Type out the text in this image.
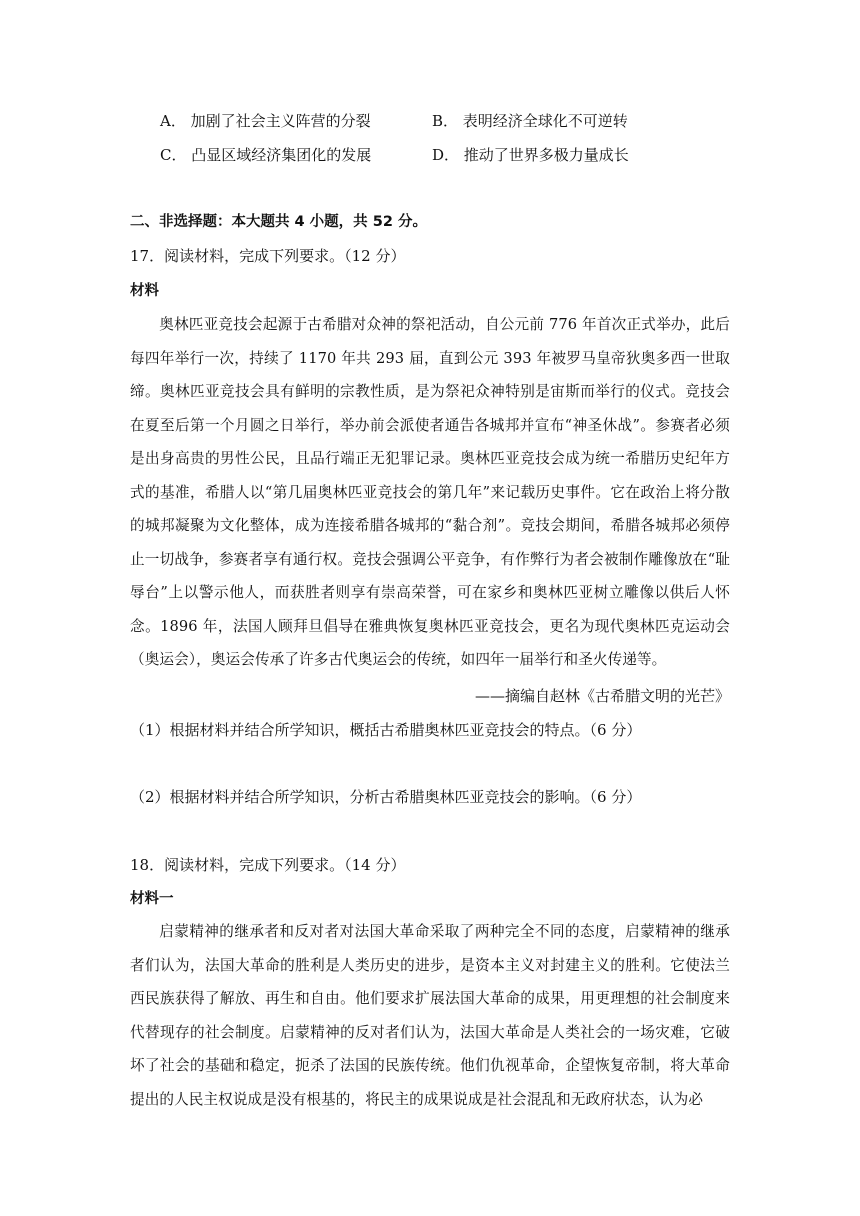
A． 加剧了社会主义阵营的分裂	B． 表明经济全球化不可逆转
C． 凸显区域经济集团化的发展	D． 推动了世界多极力量成长
二、非选择题：本大题共 4 小题，共 52 分。
17．阅读材料，完成下列要求。（12 分）
材料
奥林匹亚竞技会起源于古希腊对众神的祭祀活动，自公元前 776 年首次正式举办，此后每四年举行一次，持续了 1170 年共 293 届，直到公元 393 年被罗马皇帝狄奥多西一世取缔。奥林匹亚竞技会具有鲜明的宗教性质，是为祭祀众神特别是宙斯而举行的仪式。竞技会在夏至后第一个月圆之日举行，举办前会派使者通告各城邦并宣布“神圣休战”。参赛者必须是出身高贵的男性公民，且品行端正无犯罪记录。奥林匹亚竞技会成为统一希腊历史纪年方式的基准，希腊人以“第几届奥林匹亚竞技会的第几年”来记载历史事件。它在政治上将分散的城邦凝聚为文化整体，成为连接希腊各城邦的“黏合剂”。竞技会期间，希腊各城邦必须停止一切战争，参赛者享有通行权。竞技会强调公平竞争，有作弊行为者会被制作雕像放在“耻辱台”上以警示他人，而获胜者则享有崇高荣誉，可在家乡和奥林匹亚树立雕像以供后人怀念。1896 年，法国人顾拜旦倡导在雅典恢复奥林匹亚竞技会，更名为现代奥林匹克运动会（奥运会），奥运会传承了许多古代奥运会的传统，如四年一届举行和圣火传递等。
——摘编自赵林《古希腊文明的光芒》
（1）根据材料并结合所学知识，概括古希腊奥林匹亚竞技会的特点。（6 分）
（2）根据材料并结合所学知识，分析古希腊奥林匹亚竞技会的影响。（6 分）
18．阅读材料，完成下列要求。（14 分）
材料一
启蒙精神的继承者和反对者对法国大革命采取了两种完全不同的态度，启蒙精神的继承者们认为，法国大革命的胜利是人类历史的进步，是资本主义对封建主义的胜利。它使法兰西民族获得了解放、再生和自由。他们要求扩展法国大革命的成果，用更理想的社会制度来代替现存的社会制度。启蒙精神的反对者们认为，法国大革命是人类社会的一场灾难，它破坏了社会的基础和稳定，扼杀了法国的民族传统。他们仇视革命，企望恢复帝制，将大革命提出的人民主权说成是没有根基的，将民主的成果说成是社会混乱和无政府状态，认为必
